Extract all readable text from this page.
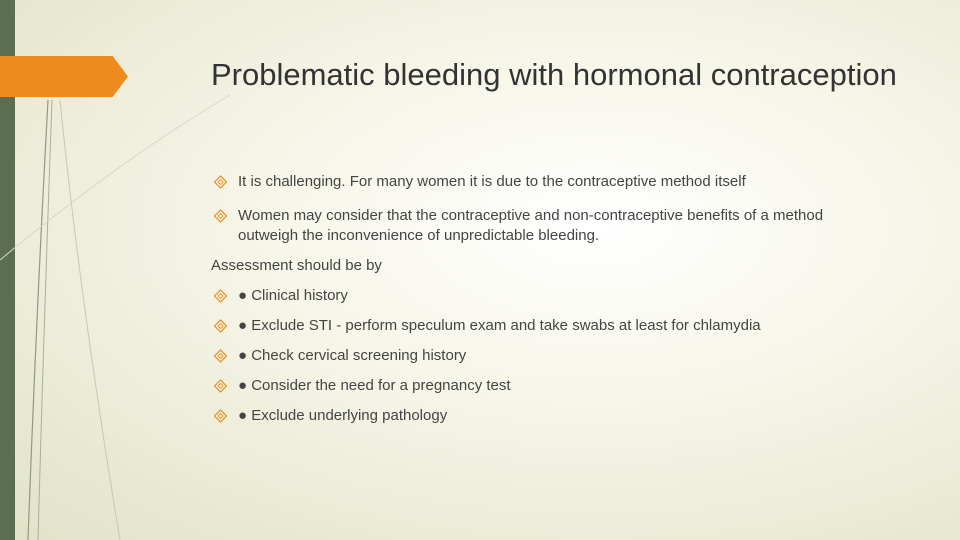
Problematic bleeding with hormonal contraception
It is challenging. For many women it is due to the contraceptive method itself
Women may consider that the contraceptive and non-contraceptive benefits of a method outweigh the inconvenience of unpredictable bleeding.
Assessment should be by
● Clinical history
● Exclude STI - perform speculum exam and take swabs at least for chlamydia
● Check cervical screening history
● Consider the need for a pregnancy test
● Exclude underlying pathology
